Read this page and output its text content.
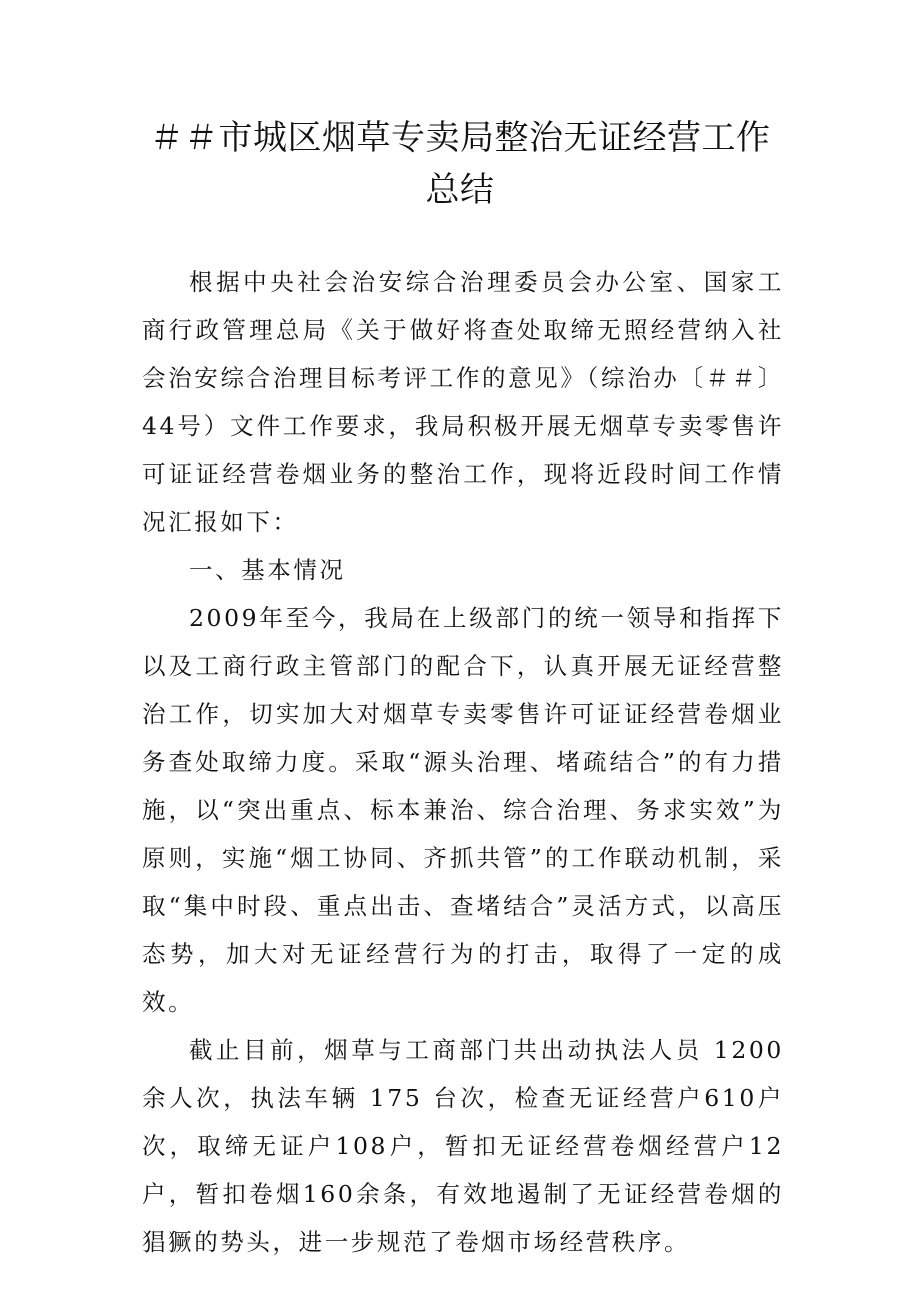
＃＃市城区烟草专卖局整治无证经营工作总结

根据中央社会治安综合治理委员会办公室、国家工商行政管理总局《关于做好将查处取缔无照经营纳入社会治安综合治理目标考评工作的意见》（综治办〔＃＃〕44号）文件工作要求，我局积极开展无烟草专卖零售许可证证经营卷烟业务的整治工作，现将近段时间工作情况汇报如下：

一、基本情况

2009年至今，我局在上级部门的统一领导和指挥下以及工商行政主管部门的配合下，认真开展无证经营整治工作，切实加大对烟草专卖零售许可证证经营卷烟业务查处取缔力度。采取“源头治理、堵疏结合”的有力措施，以“突出重点、标本兼治、综合治理、务求实效”为原则，实施“烟工协同、齐抓共管”的工作联动机制，采取“集中时段、重点出击、查堵结合”灵活方式，以高压态势，加大对无证经营行为的打击，取得了一定的成效。

截止目前，烟草与工商部门共出动执法人员 1200 余人次，执法车辆 175 台次，检查无证经营户610户次，取缔无证户108户，暂扣无证经营卷烟经营户12户，暂扣卷烟160余条，有效地遏制了无证经营卷烟的猖獗的势头，进一步规范了卷烟市场经营秩序。
